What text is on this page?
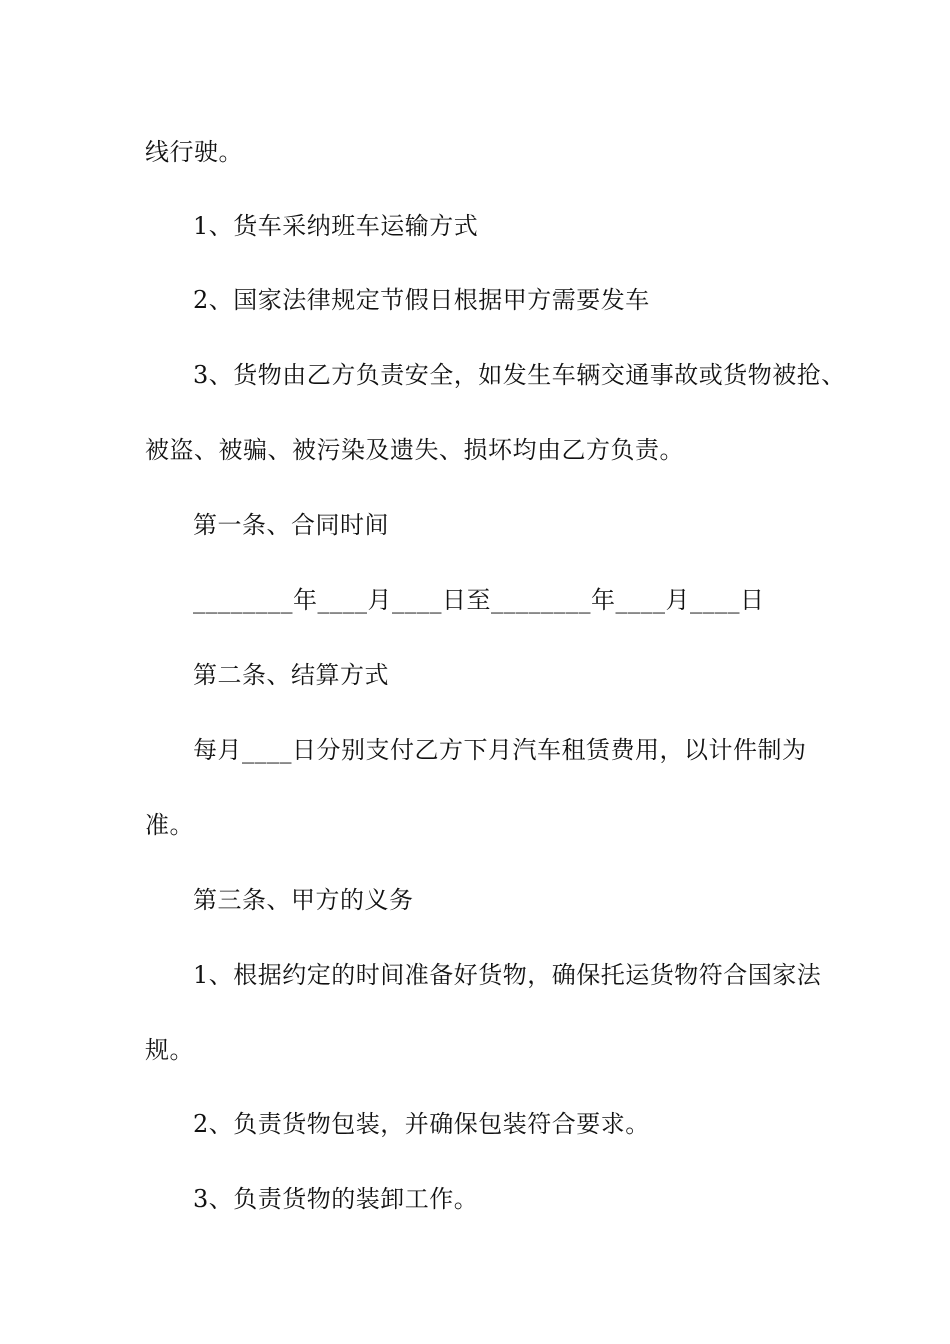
线行驶。
1、货车采纳班车运输方式
2、国家法律规定节假日根据甲方需要发车
3、货物由乙方负责安全，如发生车辆交通事故或货物被抢、
被盗、被骗、被污染及遗失、损坏均由乙方负责。
第一条、合同时间
________年____月____日至________年____月____日
第二条、结算方式
每月____日分别支付乙方下月汽车租赁费用，以计件制为
准。
第三条、甲方的义务
1、根据约定的时间准备好货物，确保托运货物符合国家法
规。
2、负责货物包装，并确保包装符合要求。
3、负责货物的装卸工作。
